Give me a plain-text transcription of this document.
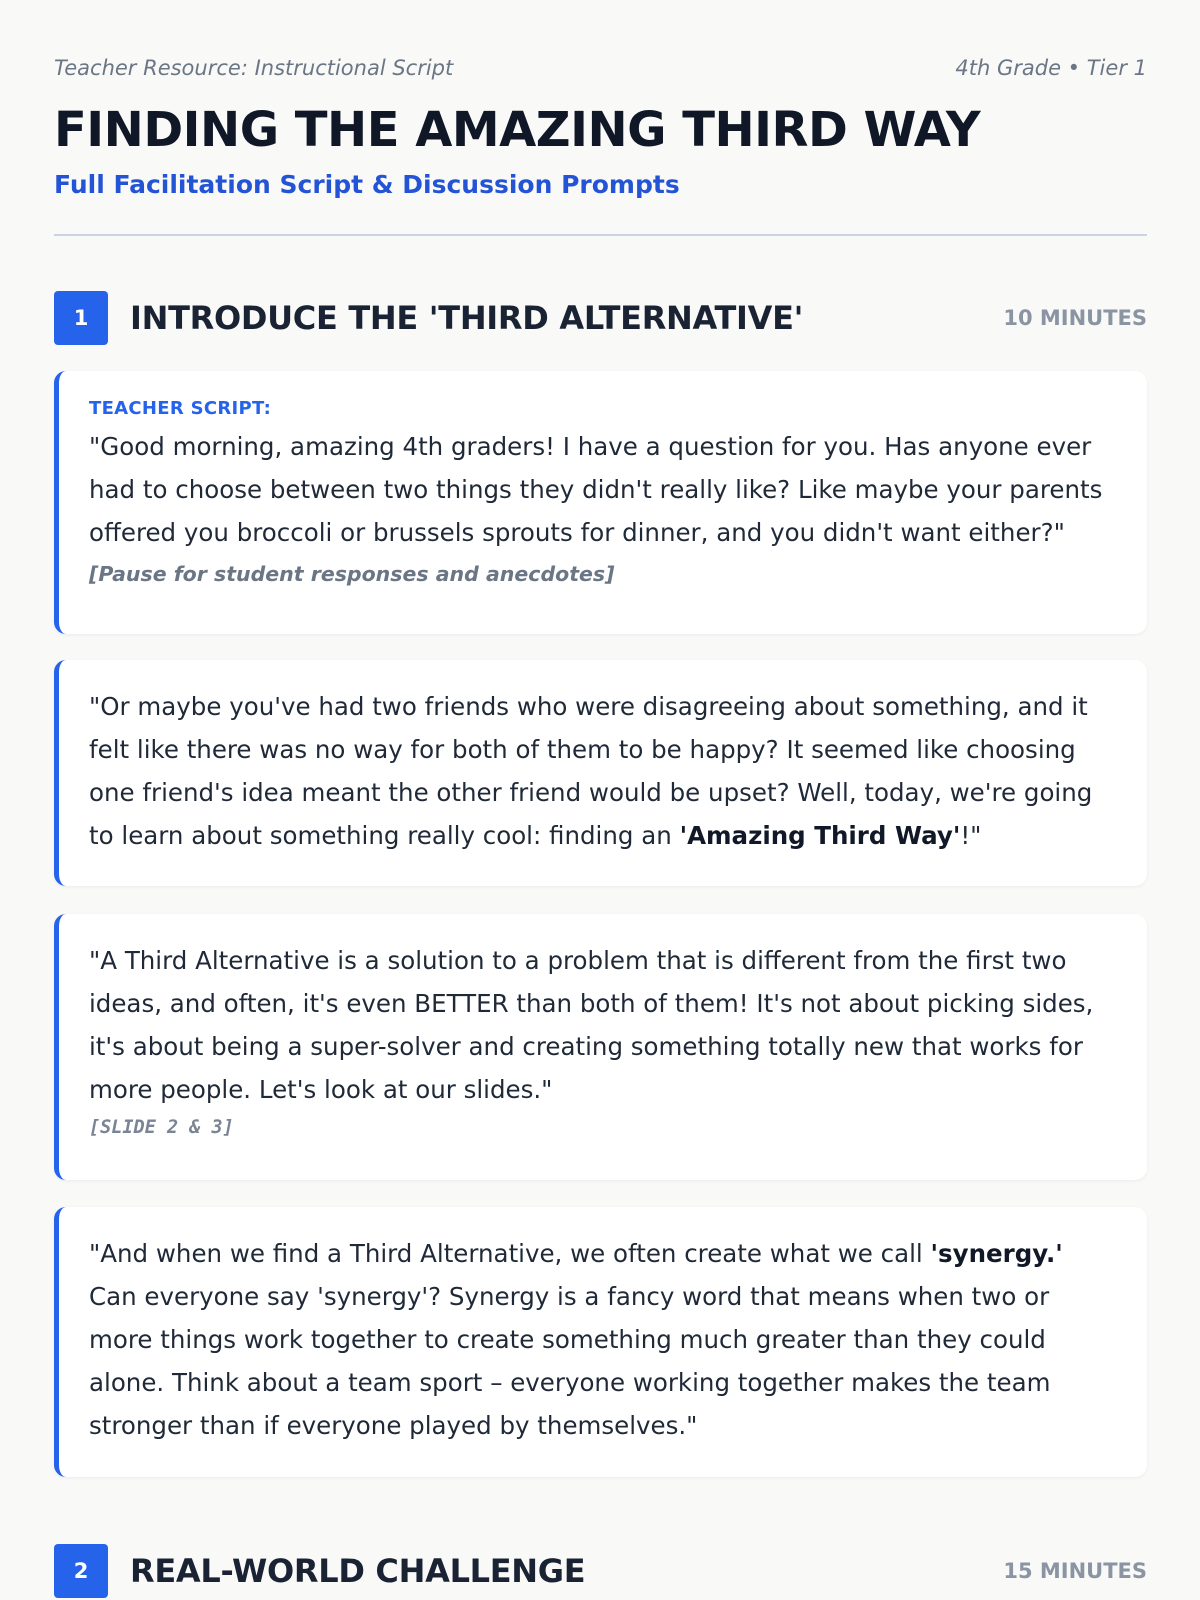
Teacher Resource: Instructional Script	4th Grade • Tier 1
FINDING THE AMAZING THIRD WAY
Full Facilitation Script & Discussion Prompts
1	INTRODUCE THE 'THIRD ALTERNATIVE'	10 MINUTES
TEACHER SCRIPT:

"Good morning, amazing 4th graders! I have a question for you. Has anyone ever had to choose between two things they didn't really like? Like maybe your parents offered you broccoli or brussels sprouts for dinner, and you didn't want either?"

[Pause for student responses and anecdotes]

"Or maybe you've had two friends who were disagreeing about something, and it felt like there was no way for both of them to be happy? It seemed like choosing one friend's idea meant the other friend would be upset? Well, today, we're going to learn about something really cool: finding an 'Amazing Third Way'!"

"A Third Alternative is a solution to a problem that is different from the first two ideas, and often, it's even BETTER than both of them! It's not about picking sides, it's about being a super-solver and creating something totally new that works for more people. Let's look at our slides."

[SLIDE 2 & 3]

"And when we find a Third Alternative, we often create what we call 'synergy.' Can everyone say 'synergy'? Synergy is a fancy word that means when two or more things work together to create something much greater than they could alone. Think about a team sport – everyone working together makes the team stronger than if everyone played by themselves."

2	REAL-WORLD CHALLENGE	15 MINUTES
